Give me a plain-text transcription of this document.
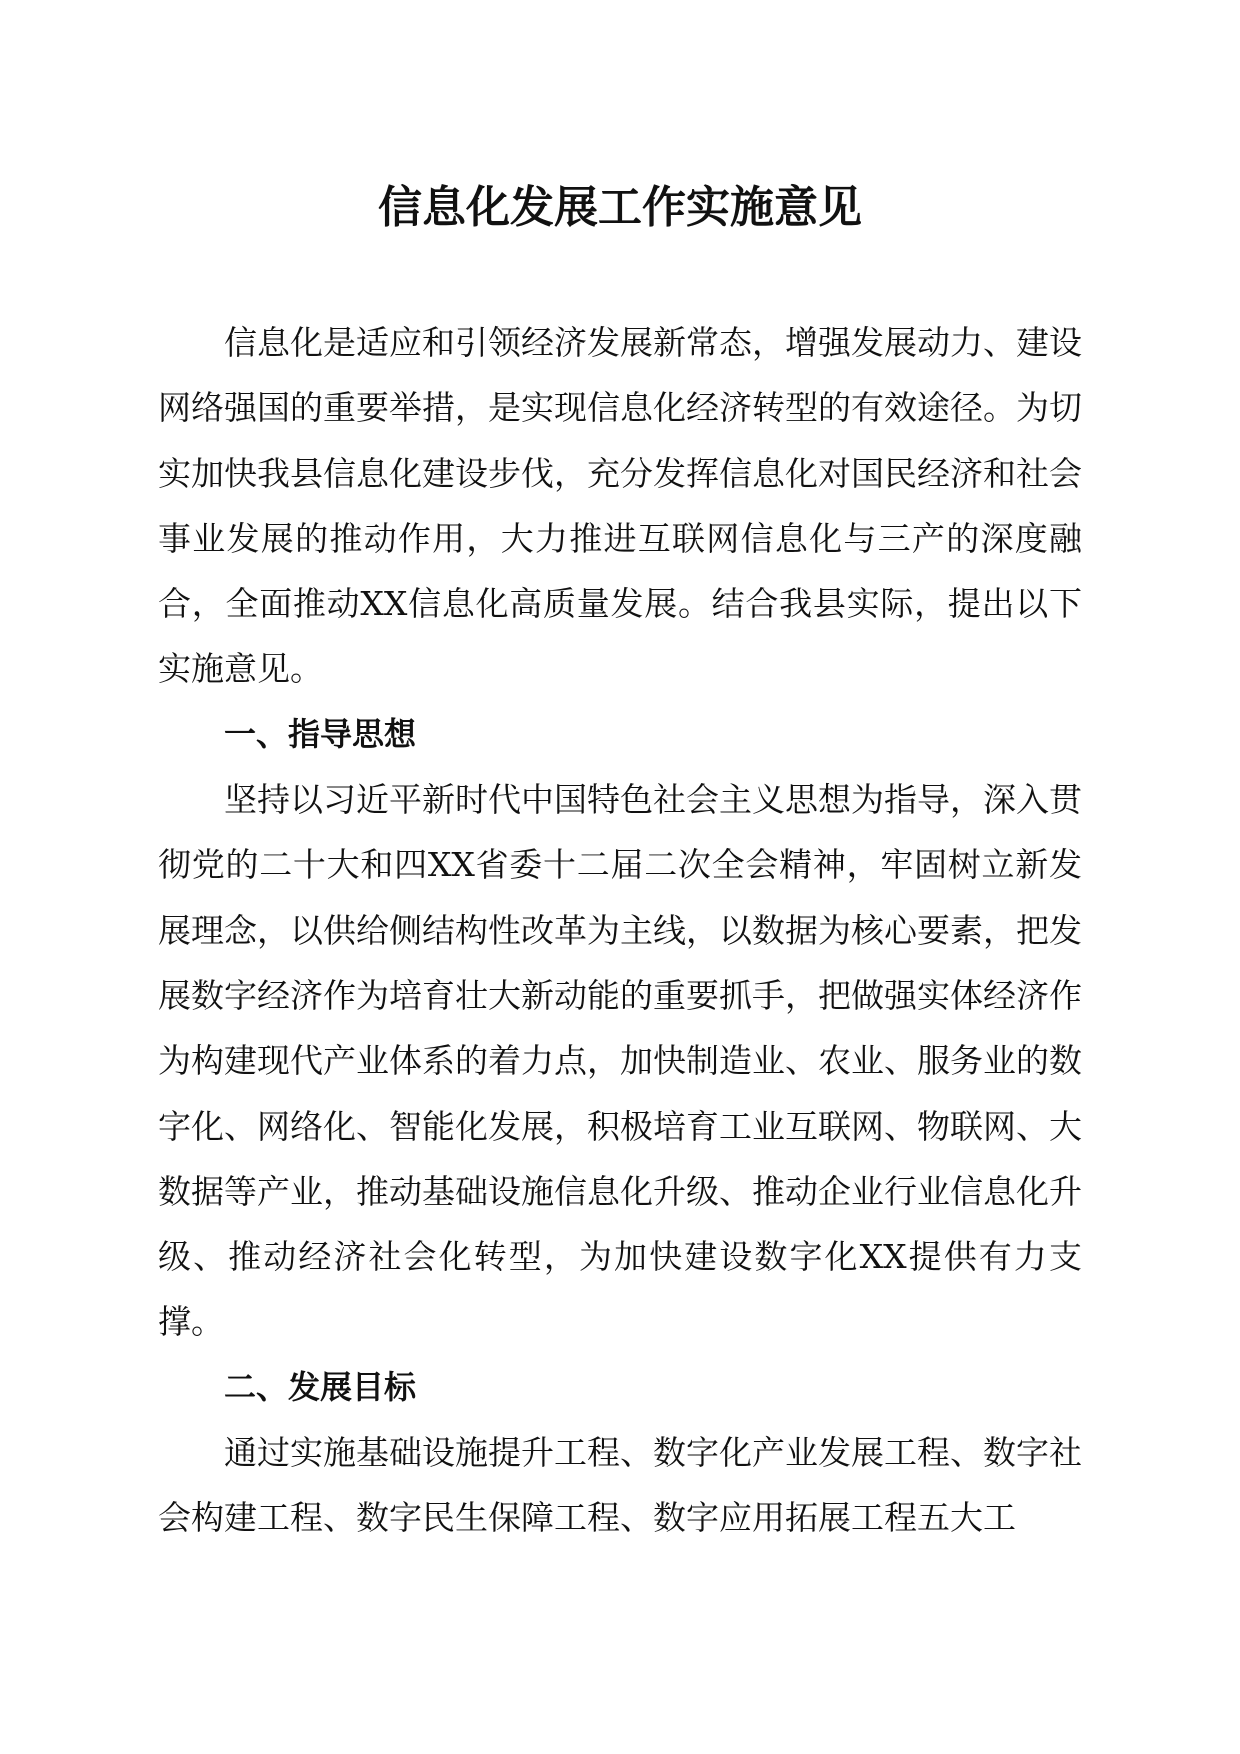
信息化发展工作实施意见

信息化是适应和引领经济发展新常态，增强发展动力、建设网络强国的重要举措，是实现信息化经济转型的有效途径。为切实加快我县信息化建设步伐，充分发挥信息化对国民经济和社会事业发展的推动作用，大力推进互联网信息化与三产的深度融合，全面推动XX信息化高质量发展。结合我县实际，提出以下实施意见。

一、指导思想

坚持以习近平新时代中国特色社会主义思想为指导，深入贯彻党的二十大和四XX省委十二届二次全会精神，牢固树立新发展理念，以供给侧结构性改革为主线，以数据为核心要素，把发展数字经济作为培育壮大新动能的重要抓手，把做强实体经济作为构建现代产业体系的着力点，加快制造业、农业、服务业的数字化、网络化、智能化发展，积极培育工业互联网、物联网、大数据等产业，推动基础设施信息化升级、推动企业行业信息化升级、推动经济社会化转型，为加快建设数字化XX提供有力支撑。

二、发展目标

通过实施基础设施提升工程、数字化产业发展工程、数字社会构建工程、数字民生保障工程、数字应用拓展工程五大工
